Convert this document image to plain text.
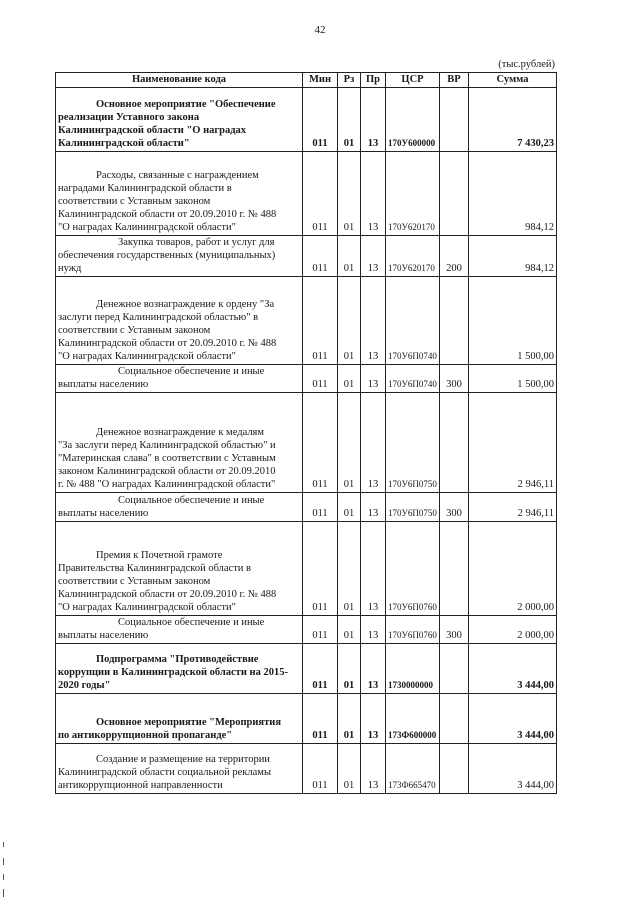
42
(тыс.рублей)
Наименование кода	Мин	Рз	Пр	ЦСР	ВР	Сумма
Основное мероприятие "Обеспечение
реализации Уставного закона
Калининградской области "О наградах
Калининградской области"	011	01	13	170У600000		7 430,23
Расходы, связанные с награждением
наградами Калининградской области в
соответствии с Уставным законом
Калининградской области от 20.09.2010 г. № 488
"О наградах Калининградской области"	011	01	13	170У620170		984,12
Закупка товаров, работ и услуг для
обеспечения государственных (муниципальных)
нужд	011	01	13	170У620170	200	984,12
Денежное вознаграждение к ордену "За
заслуги перед Калининградской областью" в
соответствии с Уставным законом
Калининградской области от 20.09.2010 г. № 488
"О наградах Калининградской области"	011	01	13	170У6П0740		1 500,00
Социальное обеспечение и иные
выплаты населению	011	01	13	170У6П0740	300	1 500,00
Денежное вознаграждение к медалям
"За заслуги перед Калининградской областью" и
"Материнская слава" в соответствии с Уставным
законом Калининградской области от 20.09.2010
г. № 488 "О наградах Калининградской области"	011	01	13	170У6П0750		2 946,11
Социальное обеспечение и иные
выплаты населению	011	01	13	170У6П0750	300	2 946,11
Премия к Почетной грамоте
Правительства Калининградской области в
соответствии с Уставным законом
Калининградской области от 20.09.2010 г. № 488
"О наградах Калининградской области"	011	01	13	170У6П0760		2 000,00
Социальное обеспечение и иные
выплаты населению	011	01	13	170У6П0760	300	2 000,00
Подпрограмма "Противодействие
коррупции в Калининградской области на 2015-
2020 годы"	011	01	13	1730000000		3 444,00
Основное мероприятие "Мероприятия
по антикоррупционной пропаганде"	011	01	13	173Ф600000		3 444,00
Создание и размещение на территории
Калининградской области социальной рекламы
антикоррупционной направленности	011	01	13	173Ф665470		3 444,00
